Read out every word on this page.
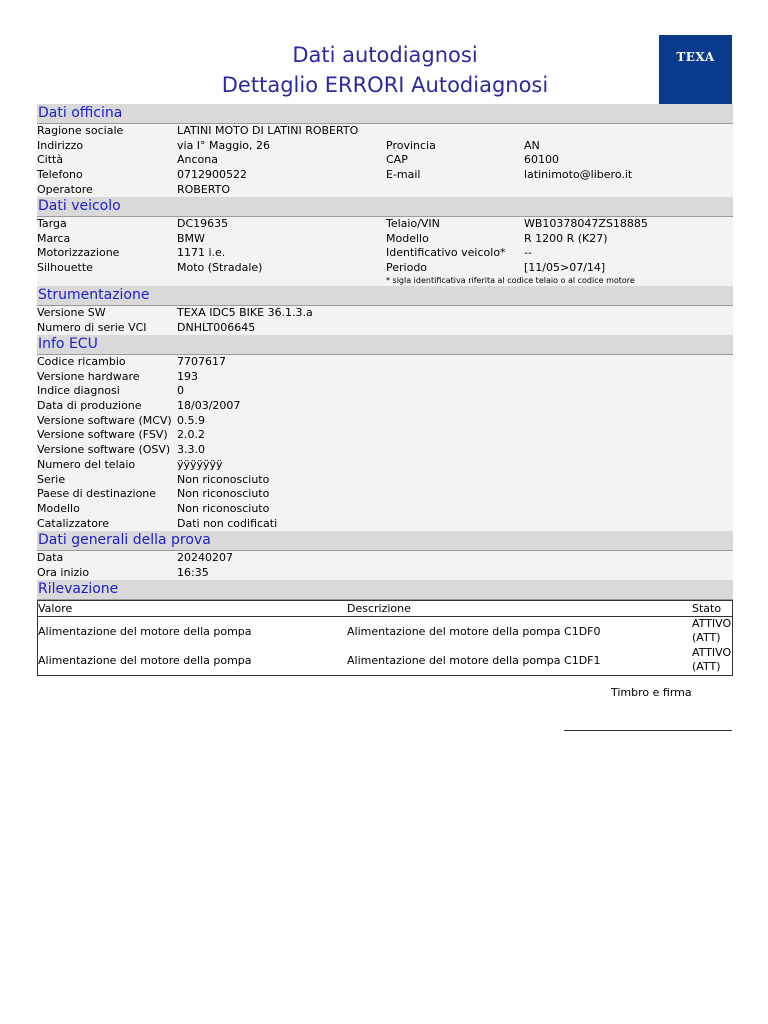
Dati autodiagnosi
Dettaglio ERRORI Autodiagnosi
TEXA
Dati officina
Ragione sociale	LATINI MOTO DI LATINI ROBERTO
Indirizzo	via I° Maggio, 26	Provincia	AN
Città	Ancona	CAP	60100
Telefono	0712900522	E-mail	latinimoto@libero.it
Operatore	ROBERTO
Dati veicolo
Targa	DC19635	Telaio/VIN	WB10378047ZS18885
Marca	BMW	Modello	R 1200 R (K27)
Motorizzazione	1171 i.e.	Identificativo veicolo* --
Silhouette	Moto (Stradale)	Periodo	[11/05>07/14]
* sigla identificativa riferita al codice telaio o al codice motore
Strumentazione
Versione SW	TEXA IDC5 BIKE 36.1.3.a
Numero di serie VCI	DNHLT006645
Info ECU
Codice ricambio	7707617
Versione hardware	193
Indice diagnosi	0
Data di produzione	18/03/2007
Versione software (MCV) 0.5.9
Versione software (FSV) 2.0.2
Versione software (OSV) 3.3.0
Numero del telaio	ÿÿÿÿÿÿÿ
Serie	Non riconosciuto
Paese di destinazione Non riconosciuto
Modello	Non riconosciuto
Catalizzatore	Dati non codificati
Dati generali della prova
Data	20240207
Ora inizio	16:35
Rilevazione
Valore	Descrizione	Stato
Alimentazione del motore della pompa	Alimentazione del motore della pompa C1DF0
ATTIVO
(ATT)
Alimentazione del motore della pompa	Alimentazione del motore della pompa C1DF1
ATTIVO
(ATT)
Timbro e firma
